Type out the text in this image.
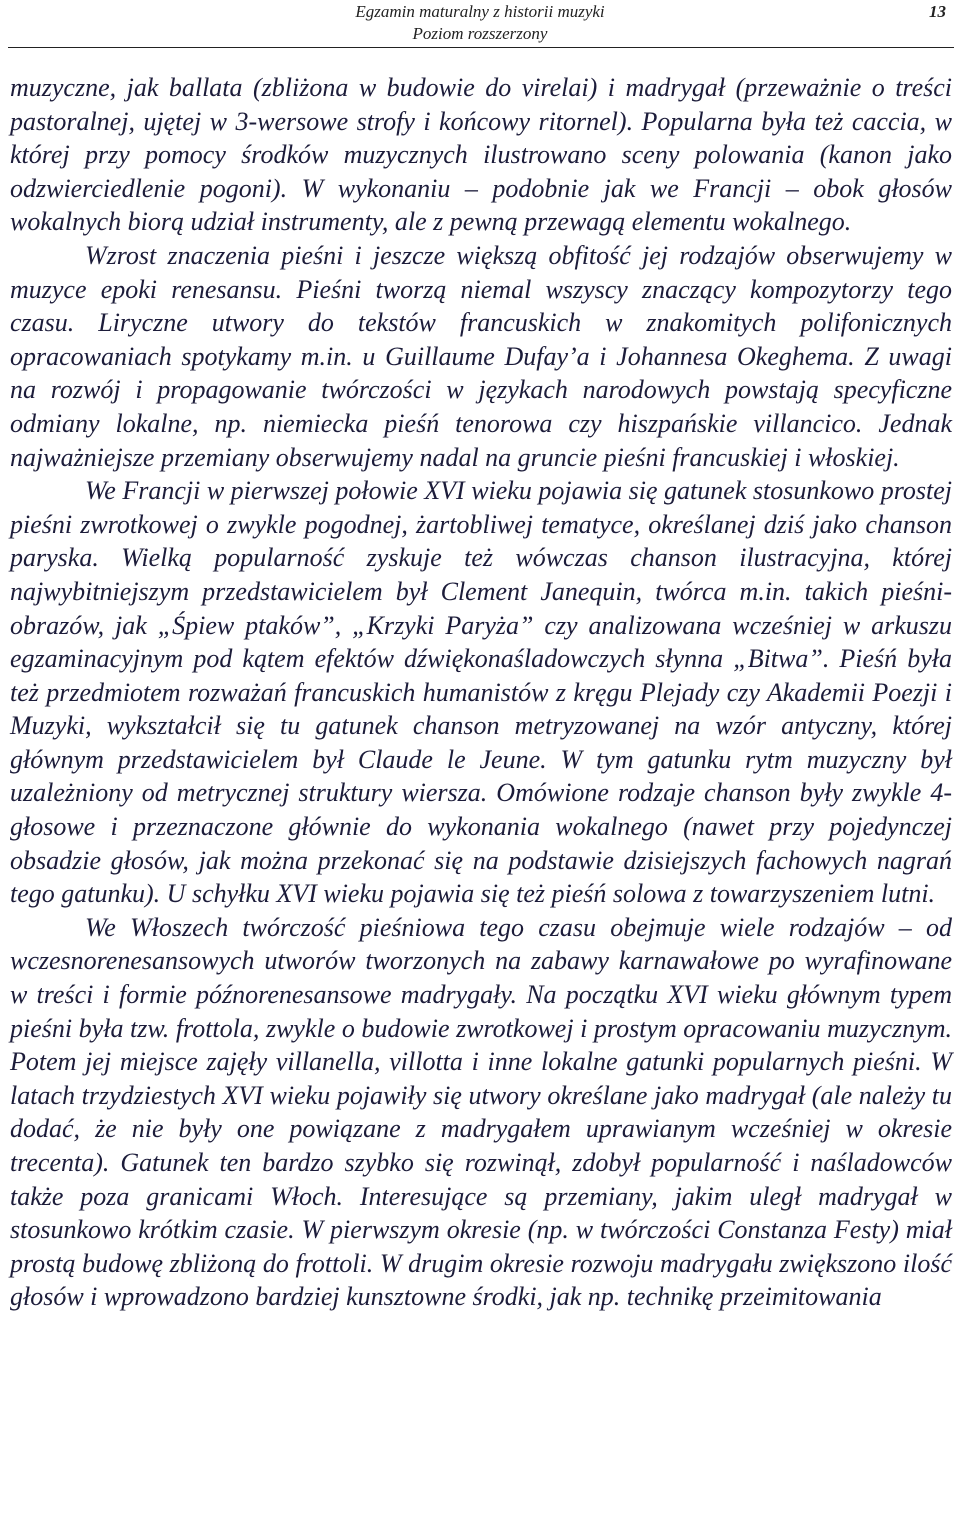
Egzamin maturalny z historii muzyki
Poziom rozszerzony
13

muzyczne, jak ballata (zbliżona w budowie do virelai) i madrygał (przeważnie o treści pastoralnej, ujętej w 3-wersowe strofy i końcowy ritornel). Popularna była też caccia, w której przy pomocy środków muzycznych ilustrowano sceny polowania (kanon jako odzwierciedlenie pogoni). W wykonaniu – podobnie jak we Francji – obok głosów wokalnych biorą udział instrumenty, ale z pewną przewagą elementu wokalnego.

Wzrost znaczenia pieśni i jeszcze większą obfitość jej rodzajów obserwujemy w muzyce epoki renesansu. Pieśni tworzą niemal wszyscy znaczący kompozytorzy tego czasu. Liryczne utwory do tekstów francuskich w znakomitych polifonicznych opracowaniach spotykamy m.in. u Guillaume Dufay’a i Johannesa Okeghema. Z uwagi na rozwój i propagowanie twórczości w językach narodowych powstają specyficzne odmiany lokalne, np. niemiecka pieśń tenorowa czy hiszpańskie villancico. Jednak najważniejsze przemiany obserwujemy nadal na gruncie pieśni francuskiej i włoskiej.

We Francji w pierwszej połowie XVI wieku pojawia się gatunek stosunkowo prostej pieśni zwrotkowej o zwykle pogodnej, żartobliwej tematyce, określanej dziś jako chanson paryska. Wielką popularność zyskuje też wówczas chanson ilustracyjna, której najwybitniejszym przedstawicielem był Clement Janequin, twórca m.in. takich pieśni-obrazów, jak „Śpiew ptaków”, „Krzyki Paryża” czy analizowana wcześniej w arkuszu egzaminacyjnym pod kątem efektów dźwiękonaśladowczych słynna „Bitwa”. Pieśń była też przedmiotem rozważań francuskich humanistów z kręgu Plejady czy Akademii Poezji i Muzyki, wykształcił się tu gatunek chanson metryzowanej na wzór antyczny, której głównym przedstawicielem był Claude le Jeune. W tym gatunku rytm muzyczny był uzależniony od metrycznej struktury wiersza. Omówione rodzaje chanson były zwykle 4-głosowe i przeznaczone głównie do wykonania wokalnego (nawet przy pojedynczej obsadzie głosów, jak można przekonać się na podstawie dzisiejszych fachowych nagrań tego gatunku). U schyłku XVI wieku pojawia się też pieśń solowa z towarzyszeniem lutni.

We Włoszech twórczość pieśniowa tego czasu obejmuje wiele rodzajów – od wczesnorenesansowych utworów tworzonych na zabawy karnawałowe po wyrafinowane w treści i formie późnorenesansowe madrygały. Na początku XVI wieku głównym typem pieśni była tzw. frottola, zwykle o budowie zwrotkowej i prostym opracowaniu muzycznym. Potem jej miejsce zajęły villanella, villotta i inne lokalne gatunki popularnych pieśni. W latach trzydziestych XVI wieku pojawiły się utwory określane jako madrygał (ale należy tu dodać, że nie były one powiązane z madrygałem uprawianym wcześniej w okresie trecenta). Gatunek ten bardzo szybko się rozwinął, zdobył popularność i naśladowców także poza granicami Włoch. Interesujące są przemiany, jakim uległ madrygał w stosunkowo krótkim czasie. W pierwszym okresie (np. w twórczości Constanza Festy) miał prostą budowę zbliżoną do frottoli. W drugim okresie rozwoju madrygału zwiększono ilość głosów i wprowadzono bardziej kunsztowne środki, jak np. technikę przeimitowania
